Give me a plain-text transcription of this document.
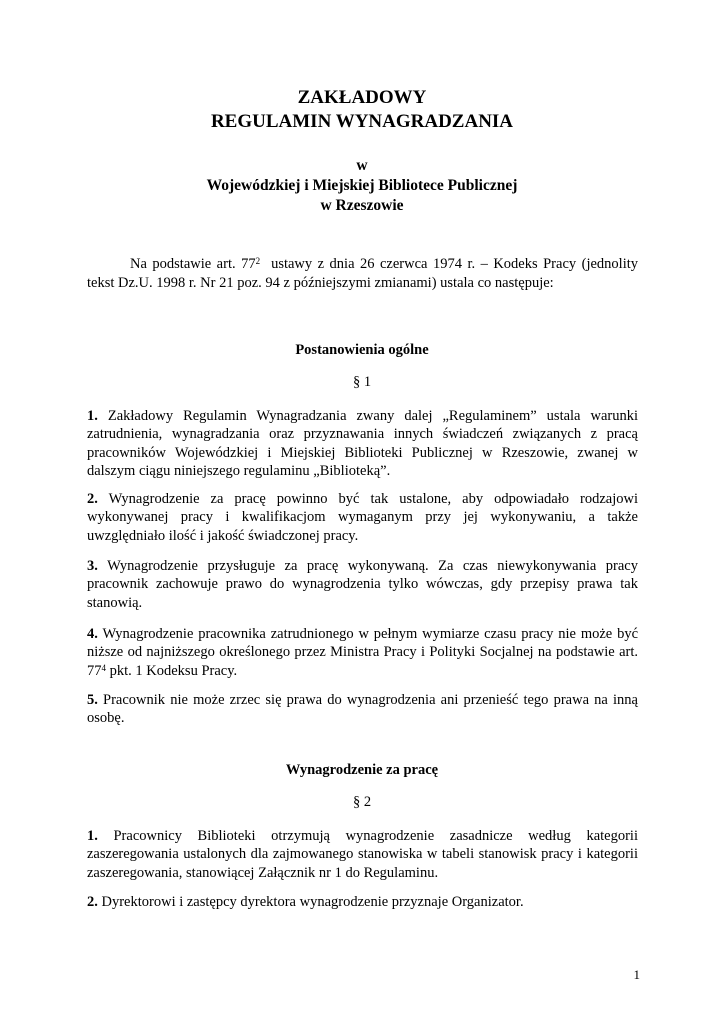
ZAKŁADOWY
REGULAMIN WYNAGRADZANIA
w
Wojewódzkiej i Miejskiej Bibliotece Publicznej
w Rzeszowie
Na podstawie art. $77^2$  ustawy z dnia 26 czerwca 1974 r. – Kodeks Pracy (jednolity tekst Dz.U. 1998 r. Nr 21 poz. 94 z późniejszymi zmianami) ustala co następuje:
Postanowienia ogólne
§ 1
1. Zakładowy Regulamin Wynagradzania zwany dalej „Regulaminem” ustala warunki zatrudnienia, wynagradzania oraz przyznawania innych świadczeń związanych z pracą pracowników Wojewódzkiej i Miejskiej Biblioteki Publicznej w Rzeszowie, zwanej w dalszym ciągu niniejszego regulaminu „Biblioteką”.
2. Wynagrodzenie za pracę powinno być tak ustalone, aby odpowiadało rodzajowi wykonywanej pracy i kwalifikacjom wymaganym przy jej wykonywaniu, a także uwzględniało ilość i jakość świadczonej pracy.
3. Wynagrodzenie przysługuje za pracę wykonywaną. Za czas niewykonywania pracy pracownik zachowuje prawo do wynagrodzenia tylko wówczas, gdy przepisy prawa tak stanowią.
4. Wynagrodzenie pracownika zatrudnionego w pełnym wymiarze czasu pracy nie może być niższe od najniższego określonego przez Ministra Pracy i Polityki Socjalnej na podstawie art. $77^4$ pkt. 1 Kodeksu Pracy.
5. Pracownik nie może zrzec się prawa do wynagrodzenia ani przenieść tego prawa na inną osobę.
Wynagrodzenie za pracę
§ 2
1. Pracownicy Biblioteki otrzymują wynagrodzenie zasadnicze według kategorii zaszeregowania ustalonych dla zajmowanego stanowiska w tabeli stanowisk pracy i kategorii zaszeregowania, stanowiącej Załącznik nr 1 do Regulaminu.
2. Dyrektorowi i zastępcy dyrektora wynagrodzenie przyznaje Organizator.
1
